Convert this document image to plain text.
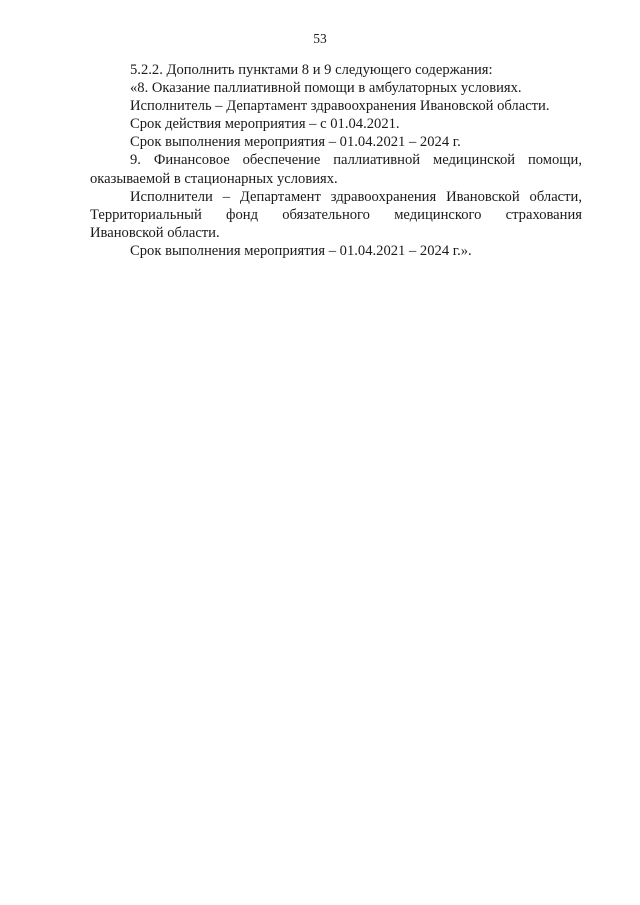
53

5.2.2. Дополнить пунктами 8 и 9 следующего содержания:

«8. Оказание паллиативной помощи в амбулаторных условиях.

Исполнитель – Департамент здравоохранения Ивановской области.

Срок действия мероприятия – с 01.04.2021.

Срок выполнения мероприятия – 01.04.2021 – 2024 г.

9. Финансовое обеспечение паллиативной медицинской помощи,
оказываемой в стационарных условиях.

Исполнители – Департамент здравоохранения Ивановской области,
Территориальный фонд обязательного медицинского страхования
Ивановской области.

Срок выполнения мероприятия – 01.04.2021 – 2024 г.».
